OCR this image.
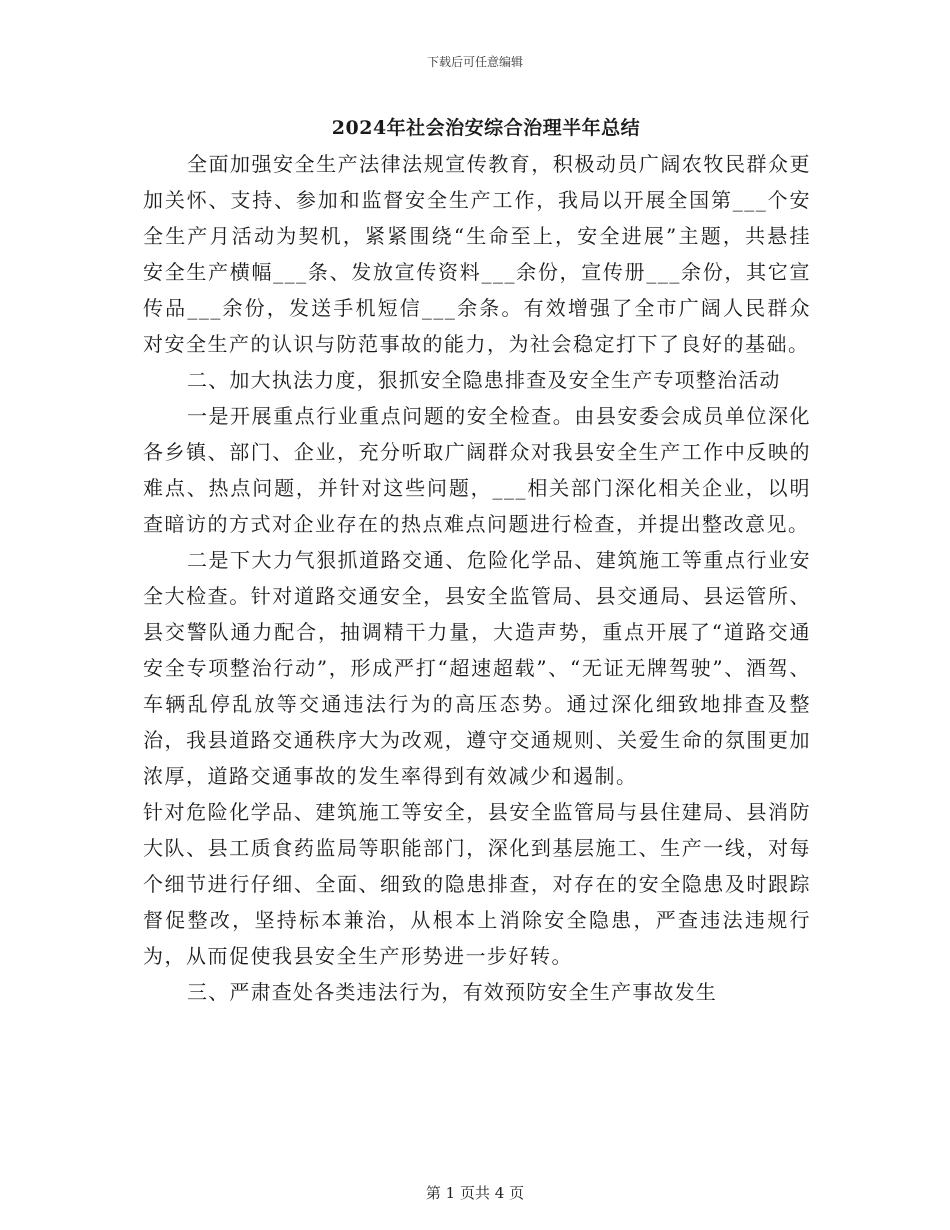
下载后可任意编辑
2024年社会治安综合治理半年总结

全面加强安全生产法律法规宣传教育，积极动员广阔农牧民群众更加关怀、支持、参加和监督安全生产工作，我局以开展全国第___个安全生产月活动为契机，紧紧围绕“生命至上，安全进展”主题，共悬挂安全生产横幅___条、发放宣传资料___余份，宣传册___余份，其它宣传品___余份，发送手机短信___余条。有效增强了全市广阔人民群众对安全生产的认识与防范事故的能力，为社会稳定打下了良好的基础。

二、加大执法力度，狠抓安全隐患排查及安全生产专项整治活动

一是开展重点行业重点问题的安全检查。由县安委会成员单位深化各乡镇、部门、企业，充分听取广阔群众对我县安全生产工作中反映的难点、热点问题，并针对这些问题，___相关部门深化相关企业，以明查暗访的方式对企业存在的热点难点问题进行检查，并提出整改意见。

二是下大力气狠抓道路交通、危险化学品、建筑施工等重点行业安全大检查。针对道路交通安全，县安全监管局、县交通局、县运管所、县交警队通力配合，抽调精干力量，大造声势，重点开展了“道路交通安全专项整治行动”，形成严打“超速超载”、“无证无牌驾驶”、酒驾、车辆乱停乱放等交通违法行为的高压态势。通过深化细致地排查及整治，我县道路交通秩序大为改观，遵守交通规则、关爱生命的氛围更加浓厚，道路交通事故的发生率得到有效减少和遏制。

针对危险化学品、建筑施工等安全，县安全监管局与县住建局、县消防大队、县工质食药监局等职能部门，深化到基层施工、生产一线，对每个细节进行仔细、全面、细致的隐患排查，对存在的安全隐患及时跟踪督促整改，坚持标本兼治，从根本上消除安全隐患，严查违法违规行为，从而促使我县安全生产形势进一步好转。

三、严肃查处各类违法行为，有效预防安全生产事故发生

第 1 页共 4 页
